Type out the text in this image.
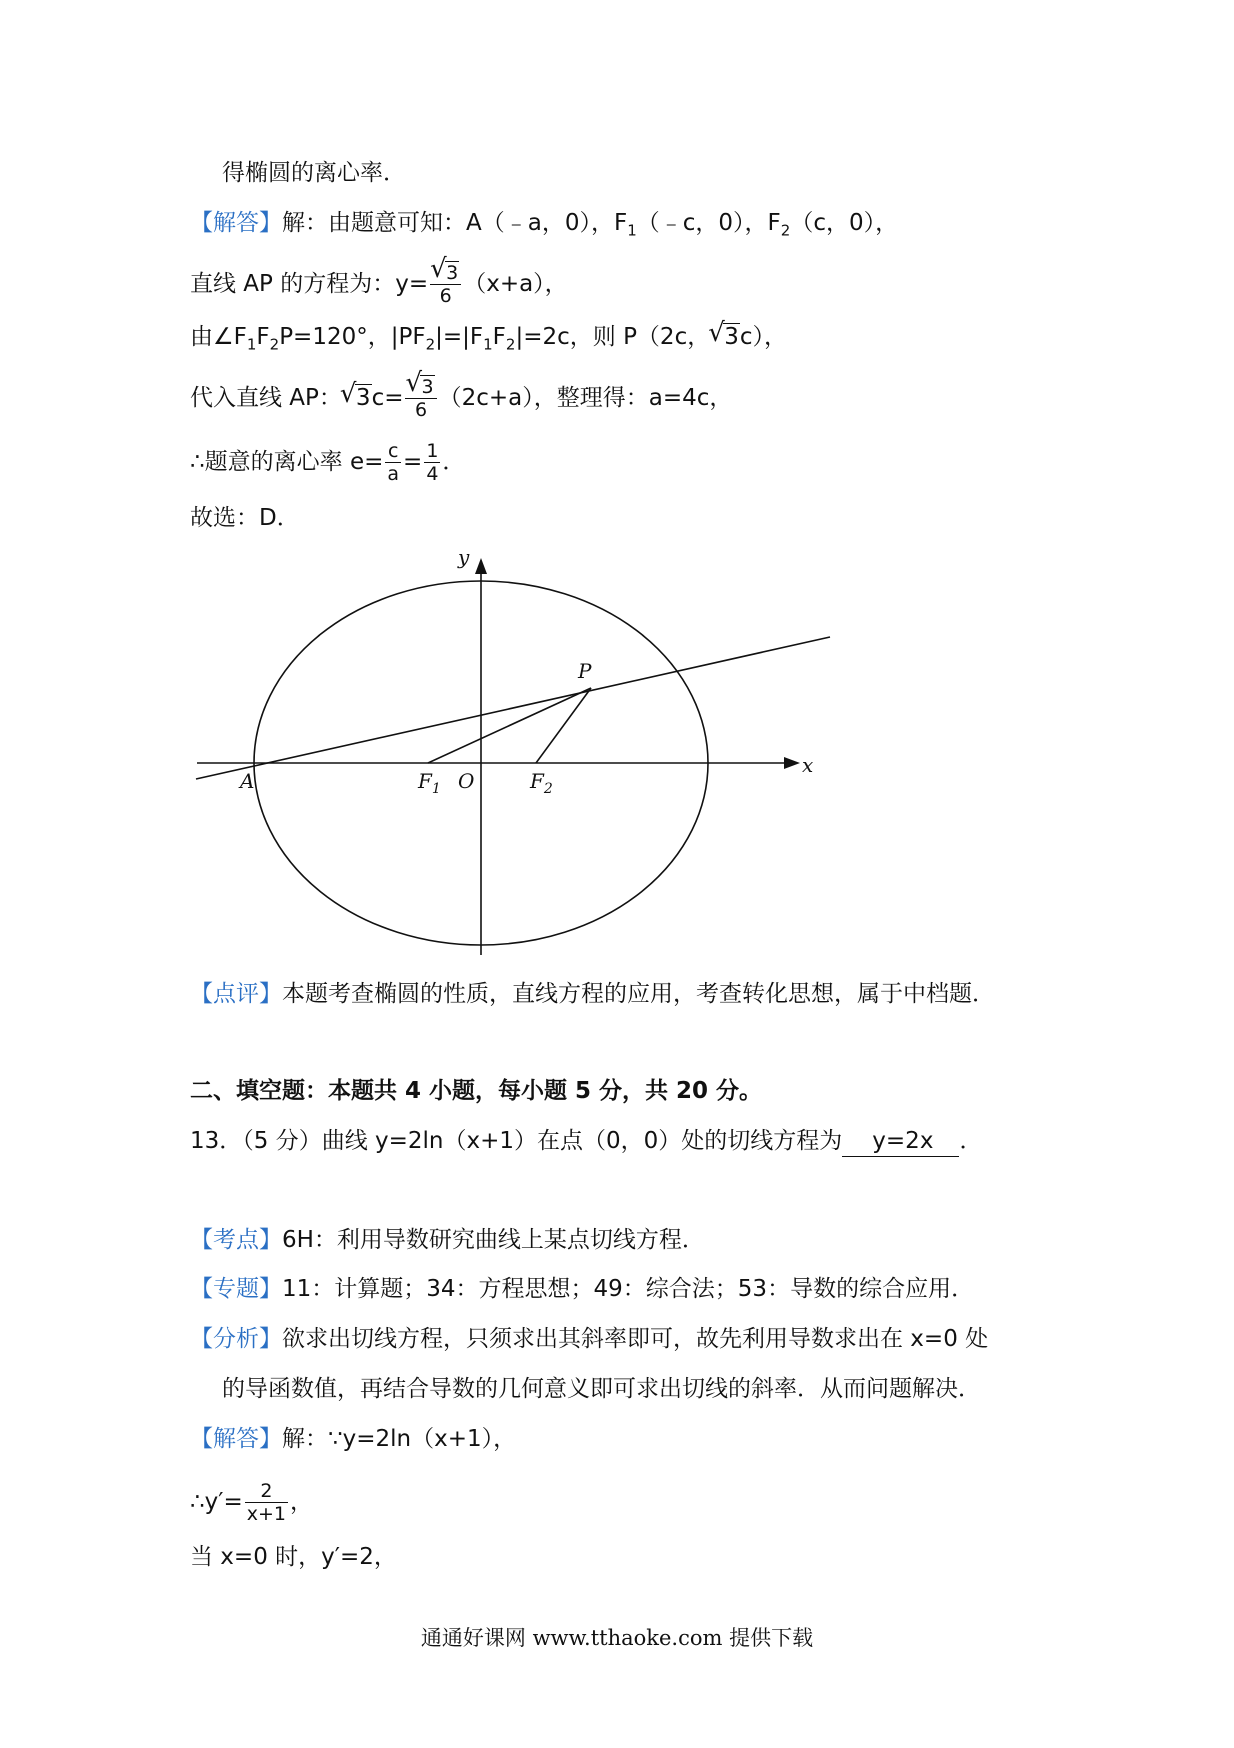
得椭圆的离心率．
【解答】解：由题意可知：A（﹣a，0），$F_1(﹣c$，0），$F_2(c$，0），
直线 AP 的方程为：y= √ $\frac{3}{6} (x+a)$，
由$\angle F_1F_2P=120^\circ$，$|PF_2|=|F_1F_2|=2c$，则 P（2c， √ 3c），
代入直线 AP： √ 3c= √ $\frac{3}{6} (2c+a)$，整理得：a=4c，
∴题意的离心率 $e= \frac{c}{a} = \frac{1}{4}$ ．
故选：D．
y
x
P
A	$F_1$ O	$F_2$
【点评】本题考查椭圆的性质，直线方程的应用，考查转化思想，属于中档题．
二、填空题：本题共 4 小题，每小题 5 分，共 20 分。
13．（5 分）曲线 y=2ln（x+1）在点（0，0）处的切线方程为 y=2x ．
【考点】6H：利用导数研究曲线上某点切线方程．
【专题】11：计算题；34：方程思想；49：综合法；53：导数的综合应用．
【分析】欲求出切线方程，只须求出其斜率即可，故先利用导数求出在 x=0 处
的导函数值，再结合导数的几何意义即可求出切线的斜率．从而问题解决．
【解答】解：∵y=2ln（x+1），
∴y′= $\frac{2}{x+1}$ ，
当 x=0 时，y′=2，
通通好课网 www.tthaoke.com 提供下载
